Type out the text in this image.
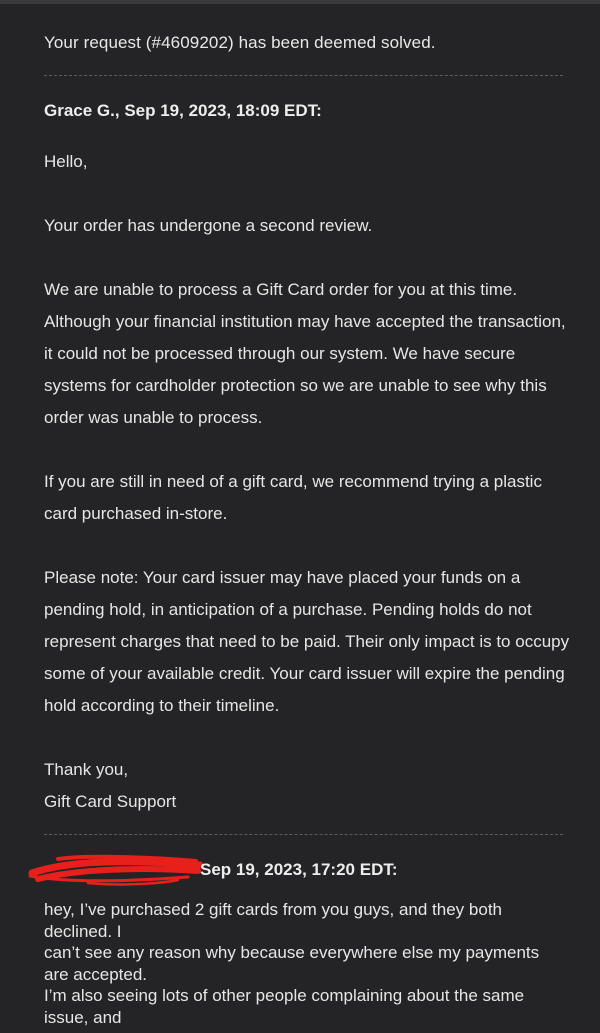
Your request (#4609202) has been deemed solved.
Grace G., Sep 19, 2023, 18:09 EDT:

Hello,

Your order has undergone a second review.

We are unable to process a Gift Card order for you at this time. Although your financial institution may have accepted the transaction, it could not be processed through our system. We have secure systems for cardholder protection so we are unable to see why this order was unable to process.

If you are still in need of a gift card, we recommend trying a plastic card purchased in-store.

Please note: Your card issuer may have placed your funds on a pending hold, in anticipation of a purchase. Pending holds do not represent charges that need to be paid. Their only impact is to occupy some of your available credit. Your card issuer will expire the pending hold according to their timeline.

Thank you,
Gift Card Support

Sep 19, 2023, 17:20 EDT:
hey, I’ve purchased 2 gift cards from you guys, and they both declined. I
can’t see any reason why because everywhere else my payments are accepted.
I’m also seeing lots of other people complaining about the same issue, and
